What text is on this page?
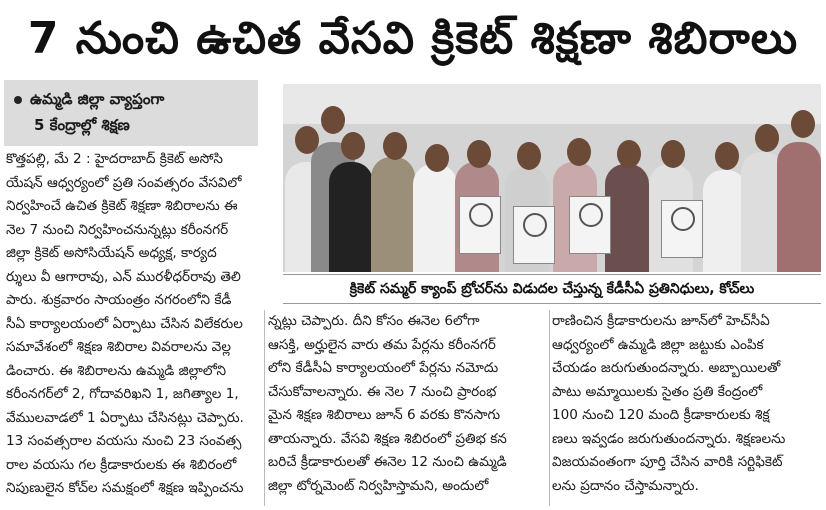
7 నుంచి ఉచిత వేసవి క్రికెట్ శిక్షణా శిబిరాలు
ఉమ్మడి జిల్లా వ్యాప్తంగా
5 కేంద్రాల్లో శిక్షణ
క్రికెట్ సమ్మర్ క్యాంప్ బ్రోచర్‌ను విడుదల చేస్తున్న కేడీసీఏ ప్రతినిధులు, కోచ్‌లు
కొత్తపల్లి, మే 2 : హైదరాబాద్ క్రికెట్ అసోసి
యేషన్ ఆధ్వర్యంలో ప్రతి సంవత్సరం వేసవిలో
నిర్వహించే ఉచిత క్రికెట్ శిక్షణా శిబిరాలను ఈ
నెల 7 నుంచి నిర్వహించనున్నట్లు కరీంనగర్
జిల్లా క్రికెట్ అసోసియేషన్ అధ్యక్ష, కార్యద
ర్శులు వీ ఆగారావు, ఎన్ మురళీధర్‌రావు తెలి
పారు. శుక్రవారం సాయంత్రం నగరంలోని కేడీ
సీఏ కార్యాలయంలో ఏర్పాటు చేసిన విలేకరుల
సమావేశంలో శిక్షణ శిబిరాల వివరాలను వెల్ల
డించారు. ఈ శిబిరాలను ఉమ్మడి జిల్లాలోని
కరీంనగర్‌లో 2, గోదావరిఖని 1, జగిత్యాల 1,
వేములవాడలో 1 ఏర్పాటు చేసినట్లు చెప్పారు.
13 సంవత్సరాల వయసు నుంచి 23 సంవత్స
రాల వయసు గల క్రీడాకారులకు ఈ శిబిరంలో
నిపుణులైన కోచ్‌ల సమక్షంలో శిక్షణ ఇప్పించను
న్నట్లు చెప్పారు. దీని కోసం ఈనెల 6లోగా
ఆసక్తి, అర్హులైన వారు తమ పేర్లను కరీంనగర్
లోని కేడీసీఏ కార్యాలయంలో పేర్లను నమోదు
చేసుకోవాలన్నారు. ఈ నెల 7 నుంచి ప్రారంభ
మైన శిక్షణ శిబిరాలు జూన్ 6 వరకు కొనసాగు
తాయన్నారు. వేసవి శిక్షణ శిబిరంలో ప్రతిభ కన
బరిచే క్రీడాకారులతో ఈనెల 12 నుంచి ఉమ్మడి
జిల్లా టోర్నమెంట్ నిర్వహిస్తామని, అందులో
రాణించిన క్రీడాకారులను జూన్‌లో హెచ్‌సీఏ
ఆధ్వర్యంలో ఉమ్మడి జిల్లా జట్టుకు ఎంపిక
చేయడం జరుగుతుందన్నారు. అబ్బాయిలతో
పాటు అమ్మాయిలకు సైతం ప్రతి కేంద్రంలో
100 నుంచి 120 మంది క్రీడాకారులకు శిక్ష
ణలు ఇవ్వడం జరుగుతుందన్నారు. శిక్షణలను
విజయవంతంగా పూర్తి చేసిన వారికి సర్టిఫికెట్
లను ప్రదానం చేస్తామన్నారు.
